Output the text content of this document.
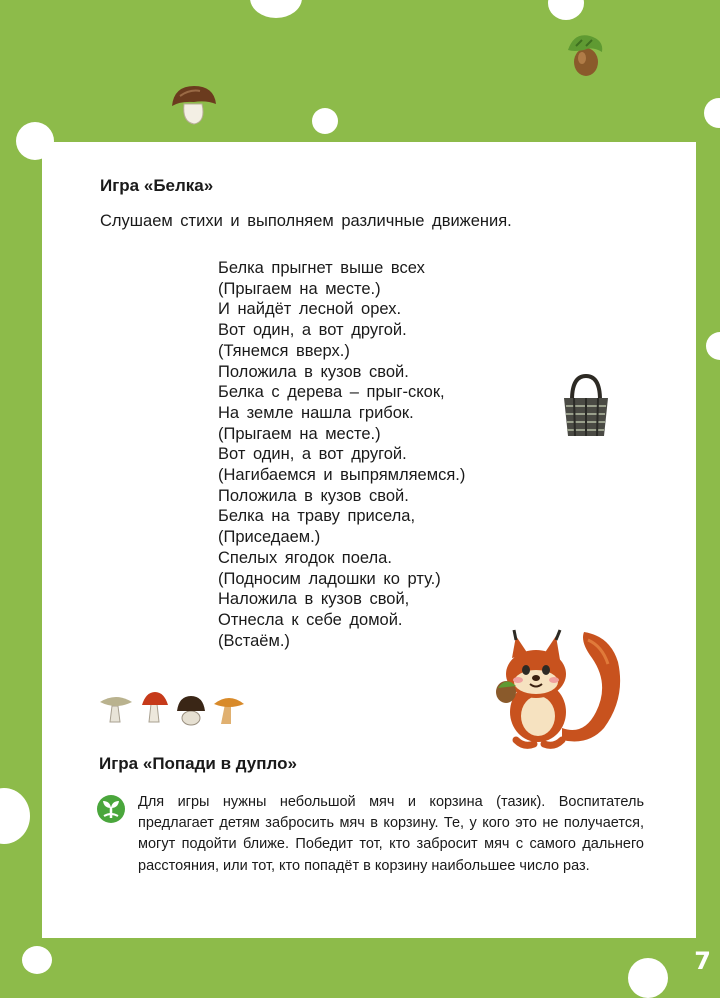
Игра «Белка»
Слушаем стихи и выполняем различные движения.
Белка прыгнет выше всех
(Прыгаем на месте.)
И найдёт лесной орех.
Вот один, а вот другой.
(Тянемся вверх.)
Положила в кузов свой.
Белка с дерева – прыг-скок,
На земле нашла грибок.
(Прыгаем на месте.)
Вот один, а вот другой.
(Нагибаемся и выпрямляемся.)
Положила в кузов свой.
Белка на траву присела,
(Приседаем.)
Спелых ягодок поела.
(Подносим ладошки ко рту.)
Наложила в кузов свой,
Отнесла к себе домой.
(Встаём.)
Игра «Попади в дупло»
Для игры нужны небольшой мяч и корзина (тазик). Воспитатель предлагает детям забросить мяч в корзину. Те, у кого это не получается, могут подойти ближе. Победит тот, кто забросит мяч с самого дальнего расстояния, или тот, кто попадёт в корзину наибольшее число раз.
7
